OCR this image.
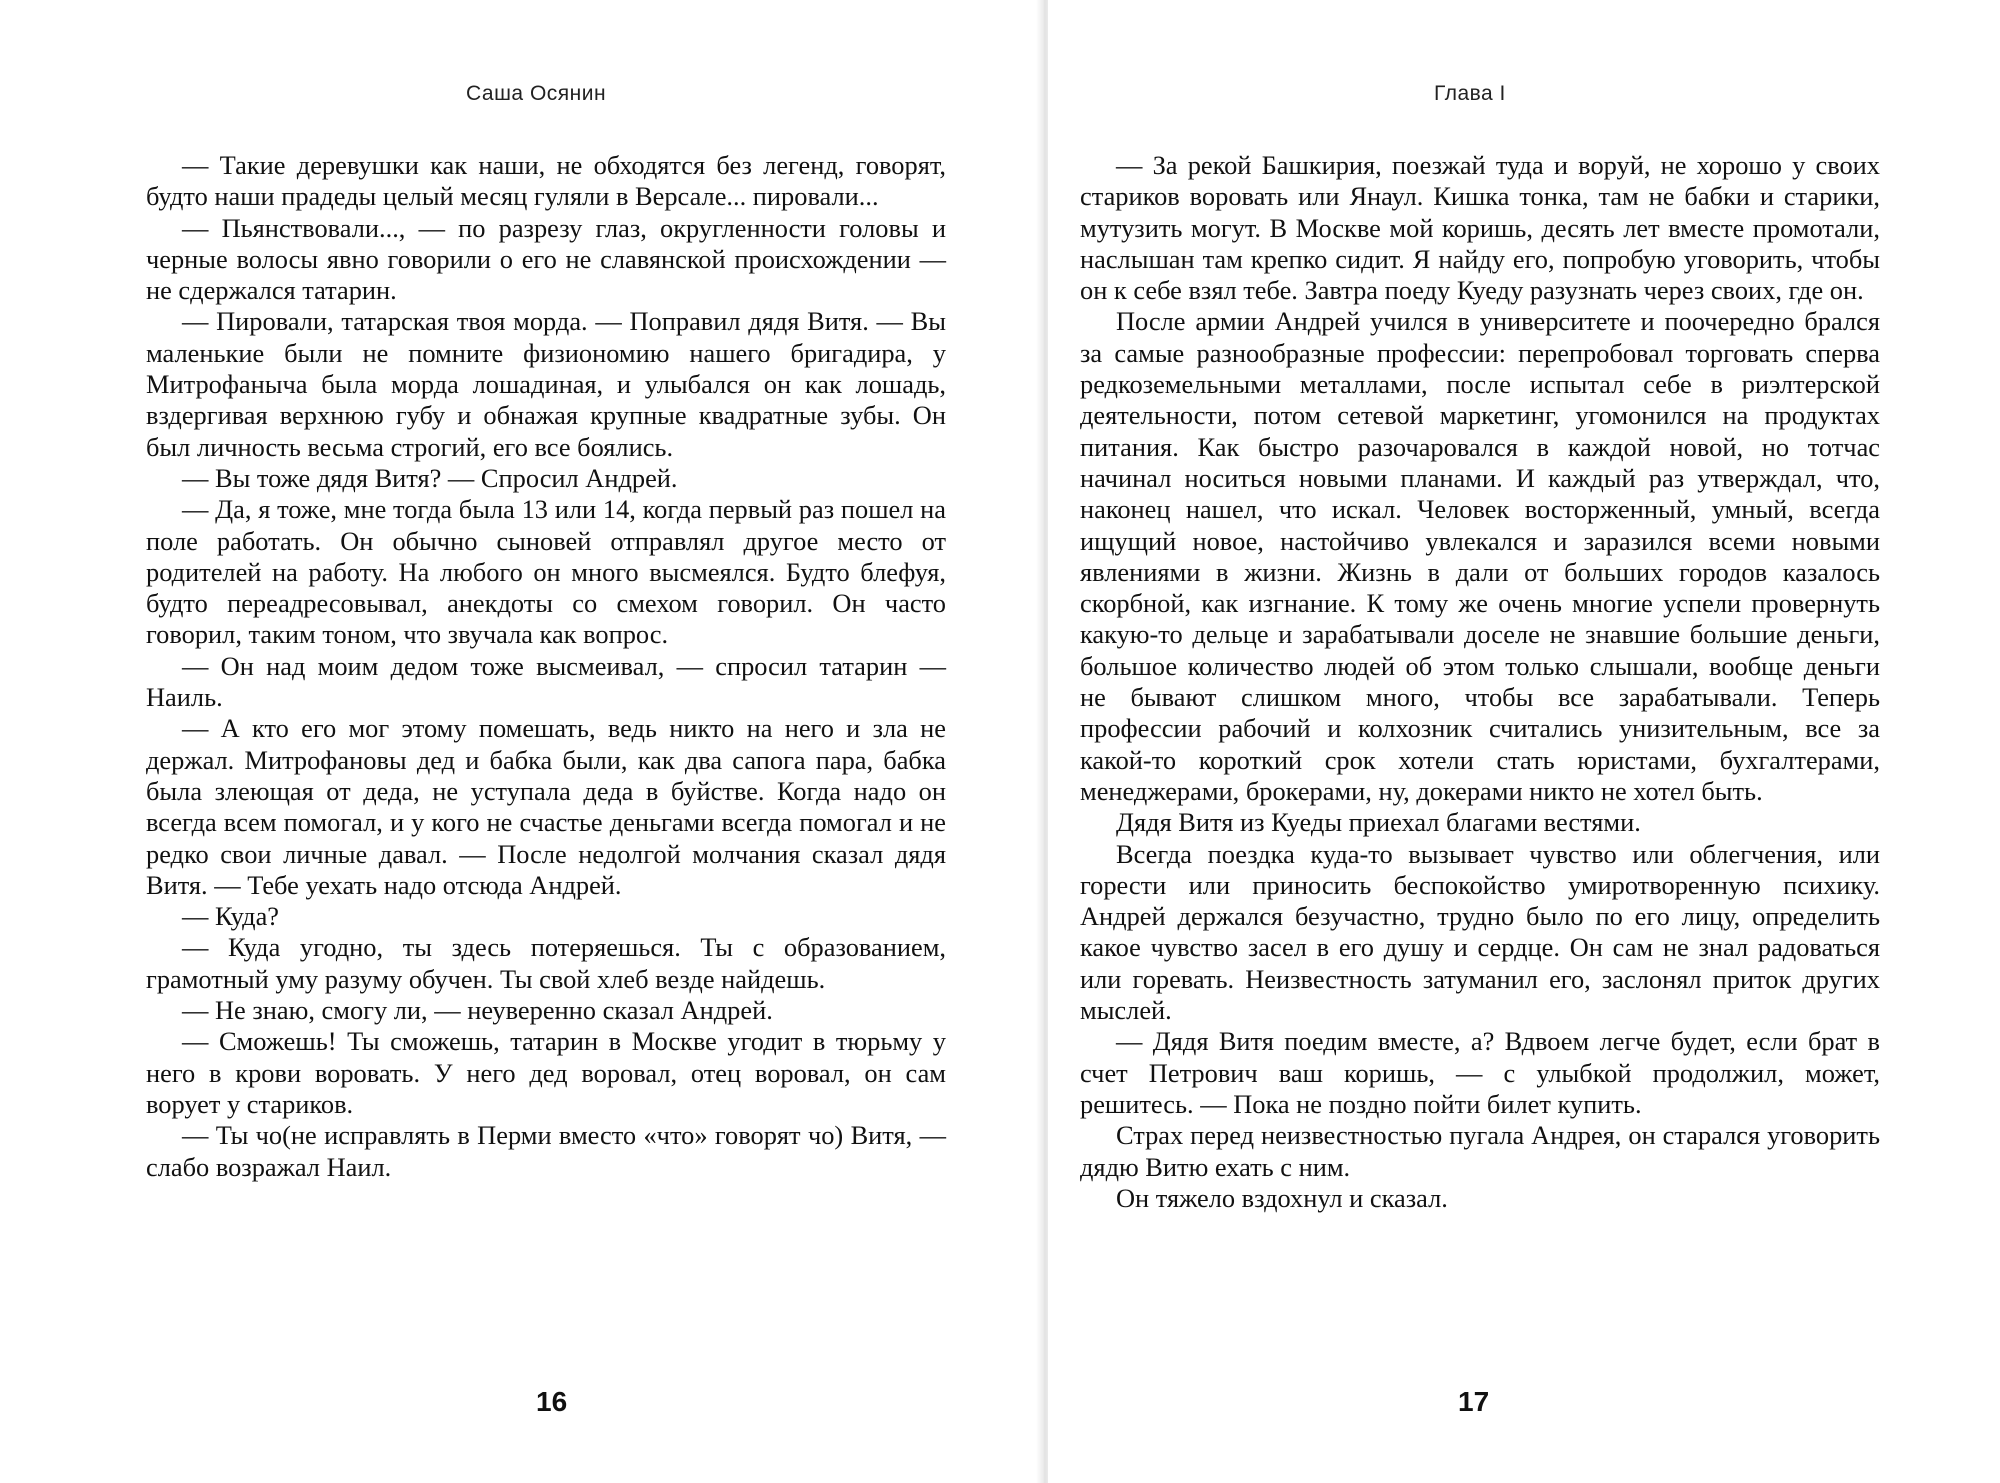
Саша Осянин

— Такие деревушки как наши, не обходятся без легенд, говорят, будто наши прадеды целый месяц гуляли в Версале... пировали...

— Пьянствовали..., — по разрезу глаз, округленности головы и черные волосы явно говорили о его не славянской происхождении — не сдержался татарин.

— Пировали, татарская твоя морда. — Поправил дядя Витя. — Вы маленькие были не помните физиономию нашего бригадира, у Митрофаныча была морда лошадиная, и улыбался он как лошадь, вздергивая верхнюю губу и обнажая крупные квадратные зубы. Он был личность весьма строгий, его все боялись.

— Вы тоже дядя Витя? — Спросил Андрей.

— Да, я тоже, мне тогда была 13 или 14, когда первый раз пошел на поле работать. Он обычно сыновей отправлял другое место от родителей на работу. На любого он много высмеялся. Будто блефуя, будто переадресовывал, анекдоты со смехом говорил. Он часто говорил, таким тоном, что звучала как вопрос.

— Он над моим дедом тоже высмеивал, — спросил татарин — Наиль.

— А кто его мог этому помешать, ведь никто на него и зла не держал. Митрофановы дед и бабка были, как два сапога пара, бабка была злеющая от деда, не уступала деда в буйстве. Когда надо он всегда всем помогал, и у кого не счастье деньгами всегда помогал и не редко свои личные давал. — После недолгой молчания сказал дядя Витя. — Тебе уехать надо отсюда Андрей.

— Куда?

— Куда угодно, ты здесь потеряешься. Ты с образованием, грамотный уму разуму обучен. Ты свой хлеб везде найдешь.

— Не знаю, смогу ли, — неуверенно сказал Андрей.

— Сможешь! Ты сможешь, татарин в Москве угодит в тюрьму у него в крови воровать. У него дед воровал, отец воровал, он сам ворует у стариков.

— Ты чо(не исправлять в Перми вместо «что» говорят чо) Витя, — слабо возражал Наил.

16
Глава I

— За рекой Башкирия, поезжай туда и воруй, не хорошо у своих стариков воровать или Янаул. Кишка тонка, там не бабки и старики, мутузить могут. В Москве мой коришь, десять лет вместе промотали, наслышан там крепко сидит. Я найду его, попробую уговорить, чтобы он к себе взял тебе. Завтра поеду Куеду разузнать через своих, где он.

После армии Андрей учился в университете и поочередно брался за самые разнообразные профессии: перепробовал торговать сперва редкоземельными металлами, после испытал себе в риэлтерской деятельности, потом сетевой маркетинг, угомонился на продуктах питания. Как быстро разочаровался в каждой новой, но тотчас начинал носиться новыми планами. И каждый раз утверждал, что, наконец нашел, что искал. Человек восторженный, умный, всегда ищущий новое, настойчиво увлекался и заразился всеми новыми явлениями в жизни. Жизнь в дали от больших городов казалось скорбной, как изгнание. К тому же очень многие успели провернуть какую-то дельце и зарабатывали доселе не знавшие большие деньги, большое количество людей об этом только слышали, вообще деньги не бывают слишком много, чтобы все зарабатывали. Теперь профессии рабочий и колхозник считались унизительным, все за какой-то короткий срок хотели стать юристами, бухгалтерами, менеджерами, брокерами, ну, докерами никто не хотел быть.

Дядя Витя из Куеды приехал благами вестями.

Всегда поездка куда-то вызывает чувство или облегчения, или горести или приносить беспокойство умиротворенную психику. Андрей держался безучастно, трудно было по его лицу, определить какое чувство засел в его душу и сердце. Он сам не знал радоваться или горевать. Неизвестность затуманил его, заслонял приток других мыслей.

— Дядя Витя поедим вместе, а? Вдвоем легче будет, если брат в счет Петрович ваш коришь, — с улыбкой продолжил, может, решитесь. — Пока не поздно пойти билет купить.

Страх перед неизвестностью пугала Андрея, он старался уговорить дядю Витю ехать с ним.

Он тяжело вздохнул и сказал.

17
